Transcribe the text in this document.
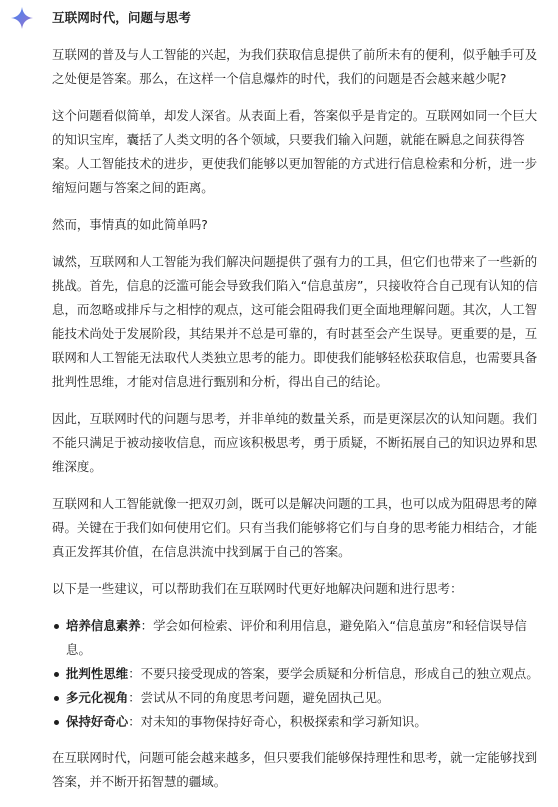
互联网时代，问题与思考

互联网的普及与人工智能的兴起，为我们获取信息提供了前所未有的便利，似乎触手可及之处便是答案。那么，在这样一个信息爆炸的时代，我们的问题是否会越来越少呢?

这个问题看似简单，却发人深省。从表面上看，答案似乎是肯定的。互联网如同一个巨大的知识宝库，囊括了人类文明的各个领域，只要我们输入问题，就能在瞬息之间获得答案。人工智能技术的进步，更使我们能够以更加智能的方式进行信息检索和分析，进一步缩短问题与答案之间的距离。

然而，事情真的如此简单吗?

诚然，互联网和人工智能为我们解决问题提供了强有力的工具，但它们也带来了一些新的挑战。首先，信息的泛滥可能会导致我们陷入“信息茧房”，只接收符合自己现有认知的信息，而忽略或排斥与之相悖的观点，这可能会阻碍我们更全面地理解问题。其次，人工智能技术尚处于发展阶段，其结果并不总是可靠的，有时甚至会产生误导。更重要的是，互联网和人工智能无法取代人类独立思考的能力。即使我们能够轻松获取信息，也需要具备批判性思维，才能对信息进行甄别和分析，得出自己的结论。

因此，互联网时代的问题与思考，并非单纯的数量关系，而是更深层次的认知问题。我们不能只满足于被动接收信息，而应该积极思考，勇于质疑，不断拓展自己的知识边界和思维深度。

互联网和人工智能就像一把双刃剑，既可以是解决问题的工具，也可以成为阻碍思考的障碍。关键在于我们如何使用它们。只有当我们能够将它们与自身的思考能力相结合，才能真正发挥其价值，在信息洪流中找到属于自己的答案。

以下是一些建议，可以帮助我们在互联网时代更好地解决问题和进行思考：

培养信息素养：学会如何检索、评价和利用信息，避免陷入“信息茧房”和轻信误导信息。
批判性思维：不要只接受现成的答案，要学会质疑和分析信息，形成自己的独立观点。
多元化视角：尝试从不同的角度思考问题，避免固执己见。
保持好奇心：对未知的事物保持好奇心，积极探索和学习新知识。

在互联网时代，问题可能会越来越多，但只要我们能够保持理性和思考，就一定能够找到答案，并不断开拓智慧的疆域。
